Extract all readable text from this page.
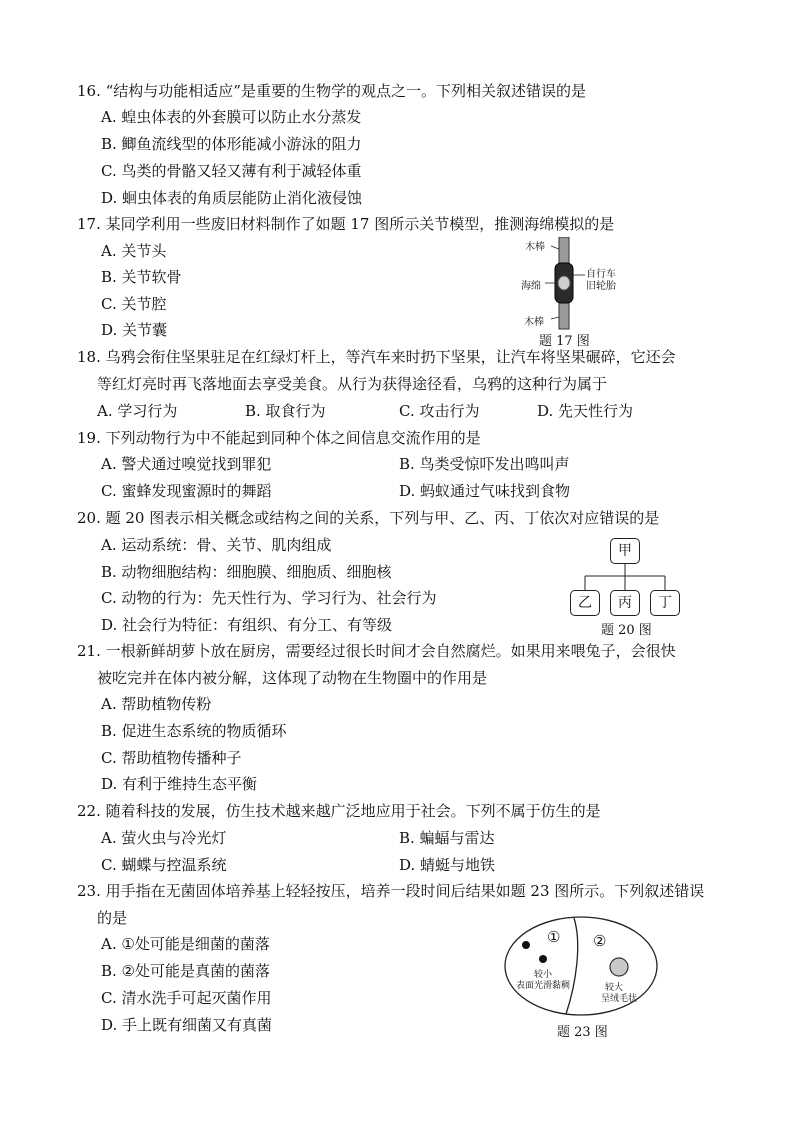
16. “结构与功能相适应”是重要的生物学的观点之一。下列相关叙述错误的是
A. 蝗虫体表的外套膜可以防止水分蒸发
B. 鲫鱼流线型的体形能减小游泳的阻力
C. 鸟类的骨骼又轻又薄有利于减轻体重
D. 蛔虫体表的角质层能防止消化液侵蚀
17. 某同学利用一些废旧材料制作了如题 17 图所示关节模型，推测海绵模拟的是
A. 关节头
B. 关节软骨
C. 关节腔
D. 关节囊
木棒
海绵
自行车
旧轮胎
木棒
题 17 图
18. 乌鸦会衔住坚果驻足在红绿灯杆上，等汽车来时扔下坚果，让汽车将坚果碾碎，它还会
等红灯亮时再飞落地面去享受美食。从行为获得途径看，乌鸦的这种行为属于
A. 学习行为	B. 取食行为	C. 攻击行为	D. 先天性行为
19. 下列动物行为中不能起到同种个体之间信息交流作用的是
A. 警犬通过嗅觉找到罪犯	B. 鸟类受惊吓发出鸣叫声
C. 蜜蜂发现蜜源时的舞蹈	D. 蚂蚁通过气味找到食物
20. 题 20 图表示相关概念或结构之间的关系，下列与甲、乙、丙、丁依次对应错误的是
A. 运动系统：骨、关节、肌肉组成
B. 动物细胞结构：细胞膜、细胞质、细胞核
C. 动物的行为：先天性行为、学习行为、社会行为
D. 社会行为特征：有组织、有分工、有等级
甲
乙	丙	丁
题 20 图
21. 一根新鲜胡萝卜放在厨房，需要经过很长时间才会自然腐烂。如果用来喂兔子，会很快
被吃完并在体内被分解，这体现了动物在生物圈中的作用是
A. 帮助植物传粉
B. 促进生态系统的物质循环
C. 帮助植物传播种子
D. 有利于维持生态平衡
22. 随着科技的发展，仿生技术越来越广泛地应用于社会。下列不属于仿生的是
A. 萤火虫与冷光灯	B. 蝙蝠与雷达
C. 蝴蝶与控温系统	D. 蜻蜓与地铁
23. 用手指在无菌固体培养基上轻轻按压，培养一段时间后结果如题 23 图所示。下列叙述错误
的是
A. ①处可能是细菌的菌落
B. ②处可能是真菌的菌落
C. 清水洗手可起灭菌作用
D. 手上既有细菌又有真菌
① ②
较小
表面光滑黏稠	较大
呈绒毛状
题 23 图
